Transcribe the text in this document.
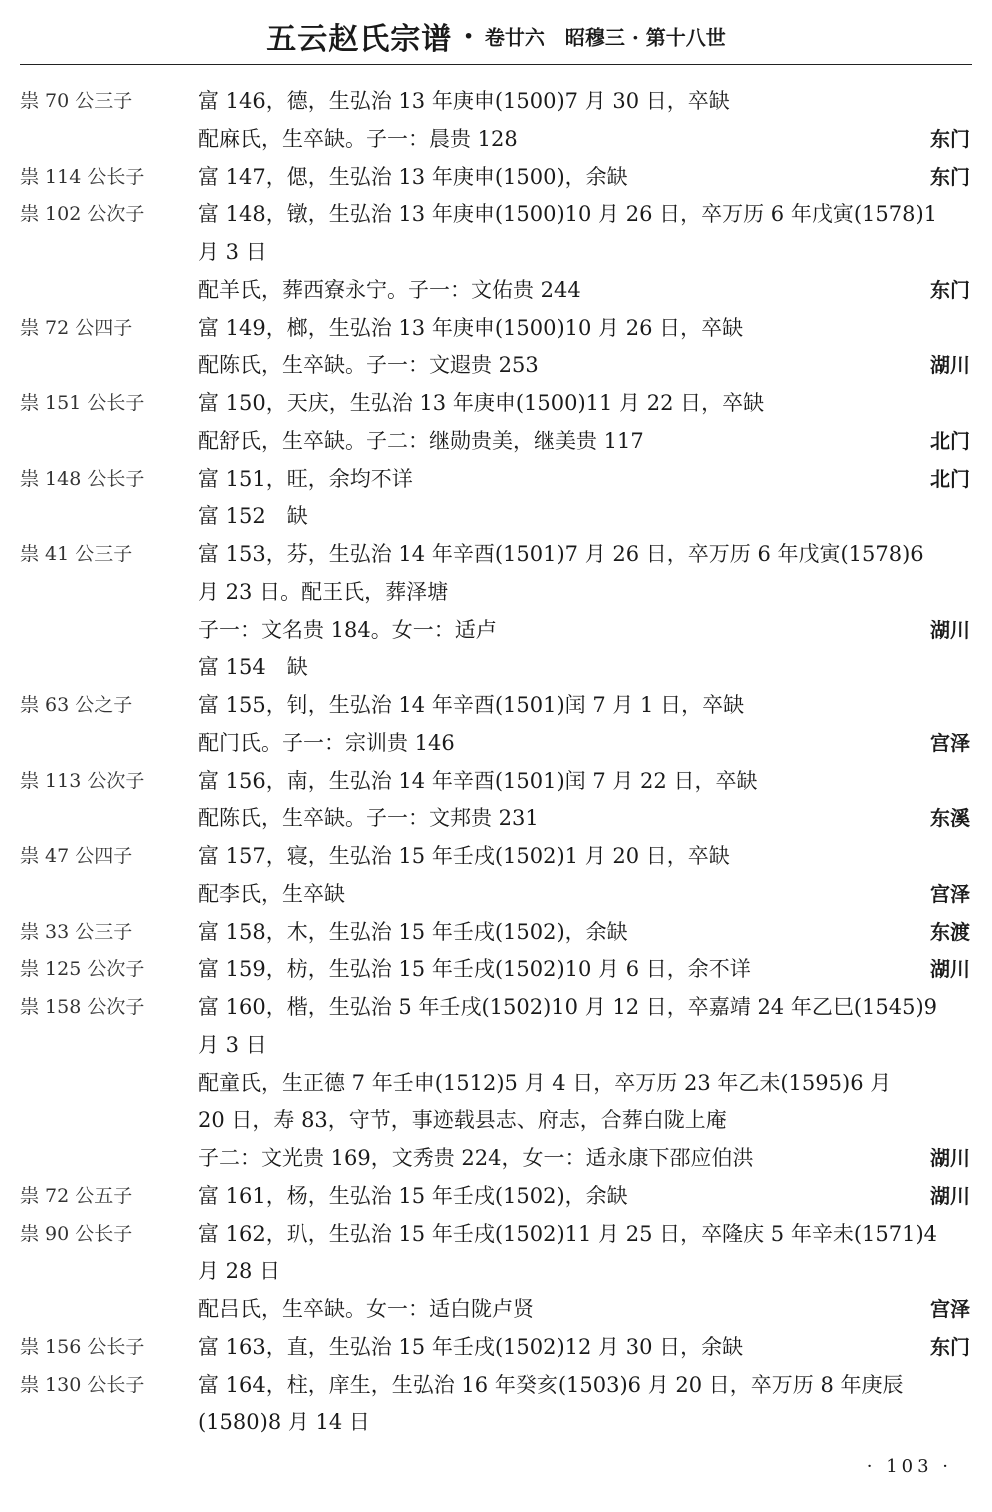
五云赵氏宗谱 · 卷廿六　昭穆三 · 第十八世
祟 70 公三子	富 146，德，生弘治 13 年庚申(1500)7 月 30 日，卒缺
配麻氏，生卒缺。子一：晨贵 128	东门
祟 114 公长子	富 147，偲，生弘治 13 年庚申(1500)，余缺	东门
祟 102 公次子	富 148，镦，生弘治 13 年庚申(1500)10 月 26 日，卒万历 6 年戊寅(1578)1
月 3 日
配羊氏，葬西寮永宁。子一：文佑贵 244	东门
祟 72 公四子	富 149，榔，生弘治 13 年庚申(1500)10 月 26 日，卒缺
配陈氏，生卒缺。子一：文遐贵 253	湖川
祟 151 公长子	富 150，天庆，生弘治 13 年庚申(1500)11 月 22 日，卒缺
配舒氏，生卒缺。子二：继勋贵美，继美贵 117	北门
祟 148 公长子	富 151，旺，余均不详	北门
富 152　缺
祟 41 公三子	富 153，芬，生弘治 14 年辛酉(1501)7 月 26 日，卒万历 6 年戊寅(1578)6
月 23 日。配王氏，葬泽塘
子一：文名贵 184。女一：适卢	湖川
富 154　缺
祟 63 公之子	富 155，钊，生弘治 14 年辛酉(1501)闰 7 月 1 日，卒缺
配门氏。子一：宗训贵 146	宫泽
祟 113 公次子	富 156，南，生弘治 14 年辛酉(1501)闰 7 月 22 日，卒缺
配陈氏，生卒缺。子一：文邦贵 231	东溪
祟 47 公四子	富 157，寝，生弘治 15 年壬戌(1502)1 月 20 日，卒缺
配李氏，生卒缺	宫泽
祟 33 公三子	富 158，木，生弘治 15 年壬戌(1502)，余缺	东渡
祟 125 公次子	富 159，枋，生弘治 15 年壬戌(1502)10 月 6 日，余不详	湖川
祟 158 公次子	富 160，楷，生弘治 5 年壬戌(1502)10 月 12 日，卒嘉靖 24 年乙巳(1545)9
月 3 日
配童氏，生正德 7 年壬申(1512)5 月 4 日，卒万历 23 年乙未(1595)6 月
20 日，寿 83，守节，事迹载县志、府志，合葬白陇上庵
子二：文光贵 169，文秀贵 224，女一：适永康下邵应伯洪	湖川
祟 72 公五子	富 161，杨，生弘治 15 年壬戌(1502)，余缺	湖川
祟 90 公长子	富 162，玐，生弘治 15 年壬戌(1502)11 月 25 日，卒隆庆 5 年辛未(1571)4
月 28 日
配吕氏，生卒缺。女一：适白陇卢贤	宫泽
祟 156 公长子	富 163，直，生弘治 15 年壬戌(1502)12 月 30 日，余缺	东门
祟 130 公长子	富 164，柱，庠生，生弘治 16 年癸亥(1503)6 月 20 日，卒万历 8 年庚辰
(1580)8 月 14 日
· 103 ·
